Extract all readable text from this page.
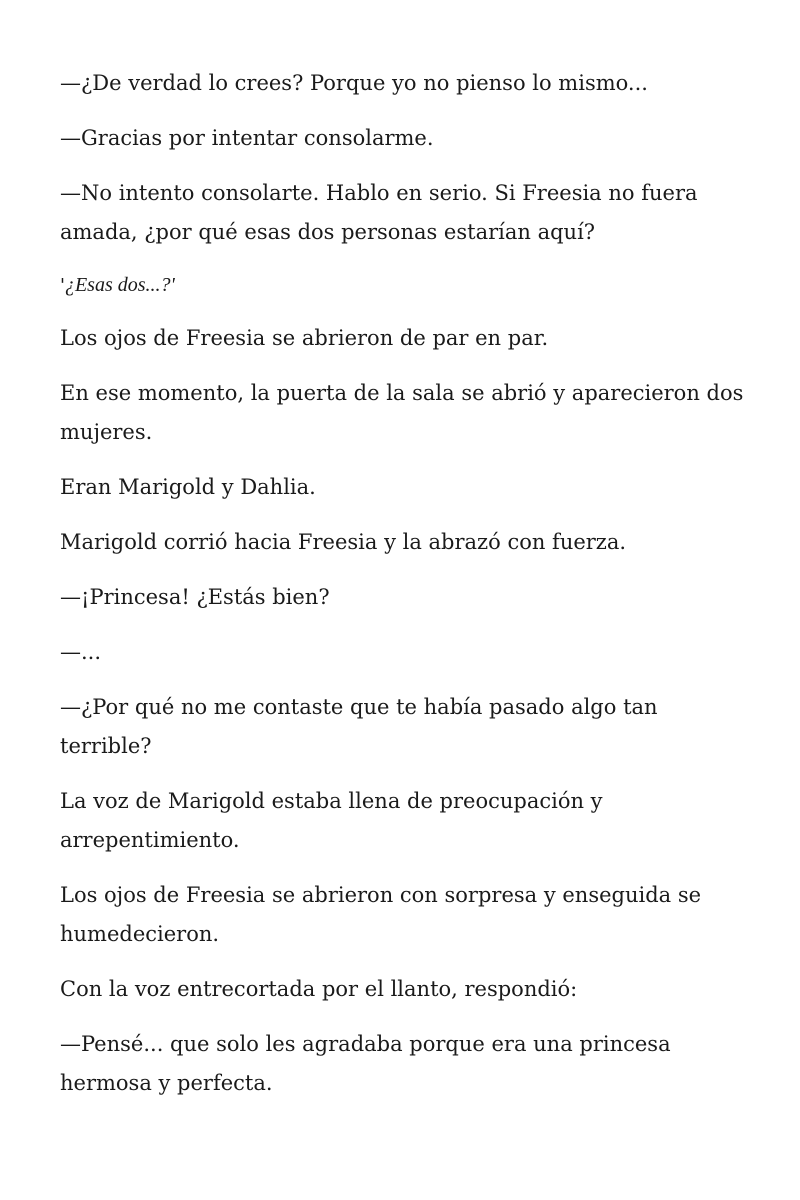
—¿De verdad lo crees? Porque yo no pienso lo mismo...

—Gracias por intentar consolarme.

—No intento consolarte. Hablo en serio. Si Freesia no fuera amada, ¿por qué esas dos personas estarían aquí?

'¿Esas dos...?'

Los ojos de Freesia se abrieron de par en par.

En ese momento, la puerta de la sala se abrió y aparecieron dos mujeres.

Eran Marigold y Dahlia.

Marigold corrió hacia Freesia y la abrazó con fuerza.

—¡Princesa! ¿Estás bien?

—...

—¿Por qué no me contaste que te había pasado algo tan terrible?

La voz de Marigold estaba llena de preocupación y arrepentimiento.

Los ojos de Freesia se abrieron con sorpresa y enseguida se humedecieron.

Con la voz entrecortada por el llanto, respondió:

—Pensé... que solo les agradaba porque era una princesa hermosa y perfecta.
